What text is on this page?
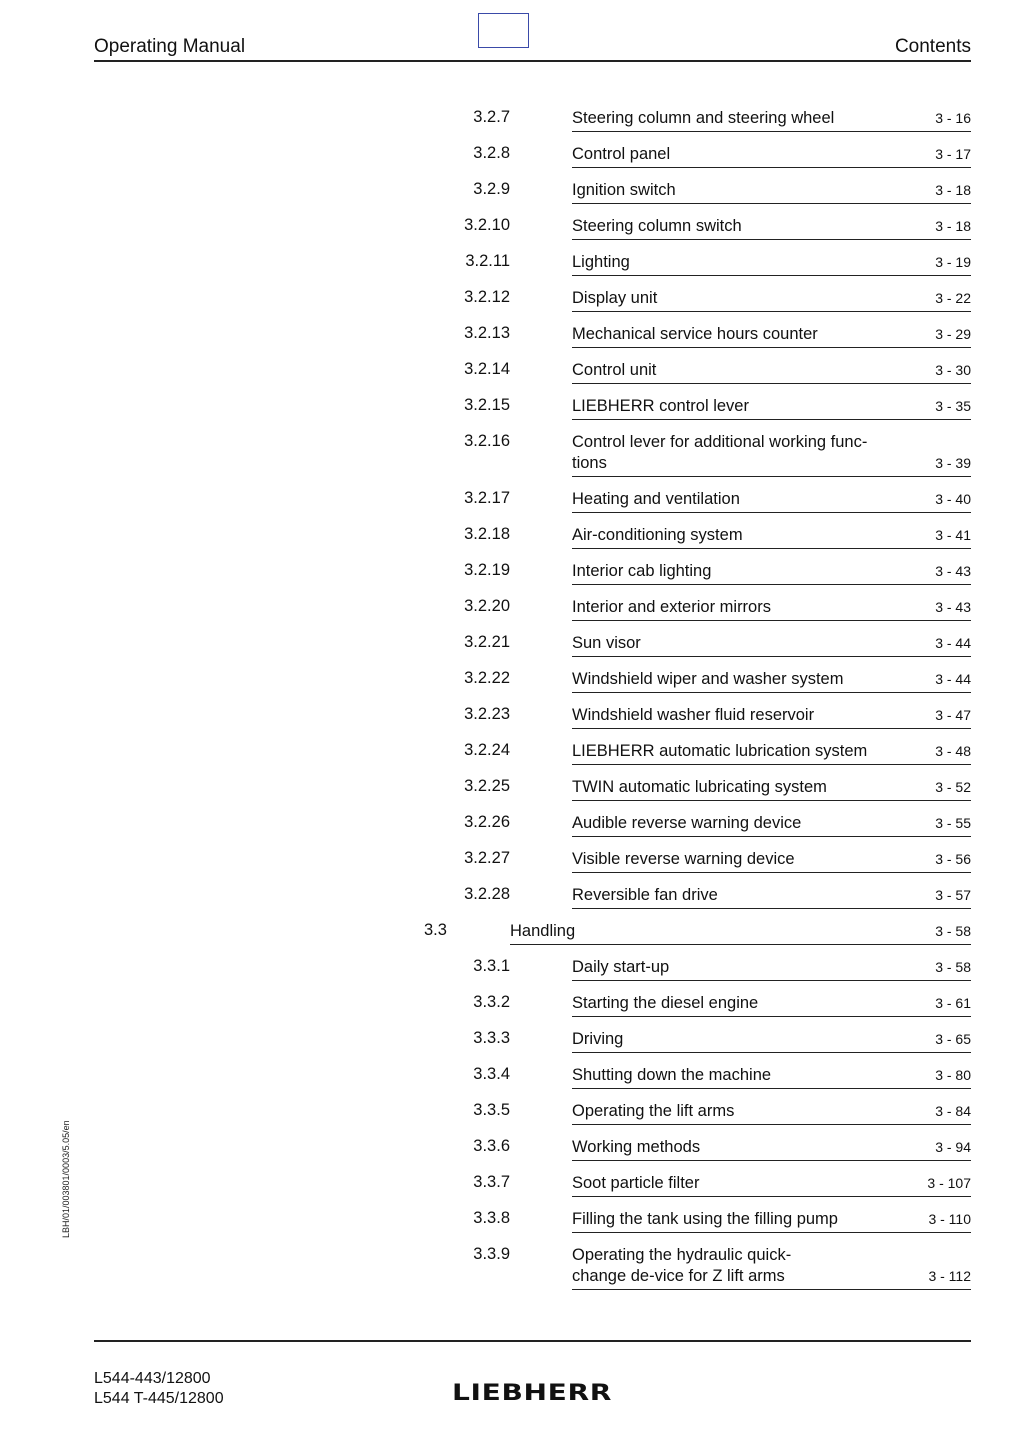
Operating Manual	Contents
3.2.7	Steering column and steering wheel	3 - 16
3.2.8	Control panel	3 - 17
3.2.9	Ignition switch	3 - 18
3.2.10	Steering column switch	3 - 18
3.2.11	Lighting	3 - 19
3.2.12	Display unit	3 - 22
3.2.13	Mechanical service hours counter	3 - 29
3.2.14	Control unit	3 - 30
3.2.15	LIEBHERR control lever	3 - 35
3.2.16	Control lever for additional working func-
tions	3 - 39
3.2.17	Heating and ventilation	3 - 40
3.2.18	Air-conditioning system	3 - 41
3.2.19	Interior cab lighting	3 - 43
3.2.20	Interior and exterior mirrors	3 - 43
3.2.21	Sun visor	3 - 44
3.2.22	Windshield wiper and washer system	3 - 44
3.2.23	Windshield washer fluid reservoir	3 - 47
3.2.24	LIEBHERR automatic lubrication system	3 - 48
3.2.25	TWIN automatic lubricating system	3 - 52
3.2.26	Audible reverse warning device	3 - 55
3.2.27	Visible reverse warning device	3 - 56
3.2.28	Reversible fan drive	3 - 57
3.3	Handling	3 - 58
3.3.1	Daily start-up	3 - 58
3.3.2	Starting the diesel engine	3 - 61
3.3.3	Driving	3 - 65
3.3.4	Shutting down the machine	3 - 80
3.3.5	Operating the lift arms	3 - 84
3.3.6	Working methods	3 - 94
3.3.7	Soot particle filter	3 - 107
3.3.8	Filling the tank using the filling pump	3 - 110
3.3.9	Operating the hydraulic quick-
change de-vice for Z lift arms	3 - 112
LBH/01/003801/0003/5.05/en
L544-443/12800
L544 T-445/12800	LIEBHERR
